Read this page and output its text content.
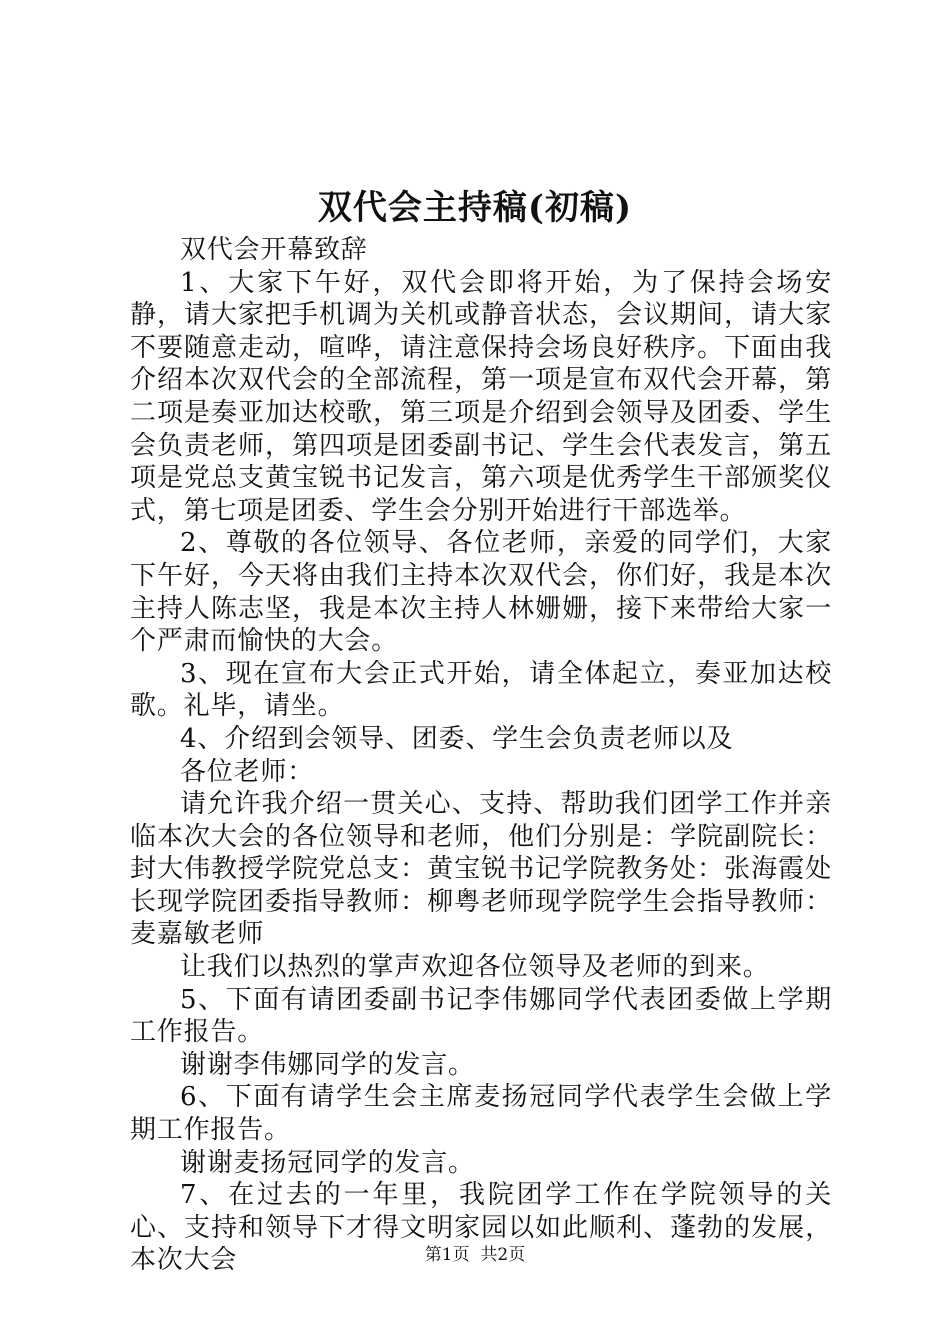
双代会主持稿(初稿)

双代会开幕致辞

1、大家下午好，双代会即将开始，为了保持会场安静，请大家把手机调为关机或静音状态，会议期间，请大家不要随意走动，喧哗，请注意保持会场良好秩序。下面由我介绍本次双代会的全部流程，第一项是宣布双代会开幕，第二项是奏亚加达校歌，第三项是介绍到会领导及团委、学生会负责老师，第四项是团委副书记、学生会代表发言，第五项是党总支黄宝锐书记发言，第六项是优秀学生干部颁奖仪式，第七项是团委、学生会分别开始进行干部选举。

2、尊敬的各位领导、各位老师，亲爱的同学们，大家下午好，今天将由我们主持本次双代会，你们好，我是本次主持人陈志坚，我是本次主持人林姗姗，接下来带给大家一个严肃而愉快的大会。

3、现在宣布大会正式开始，请全体起立，奏亚加达校歌。礼毕，请坐。

4、介绍到会领导、团委、学生会负责老师以及

各位老师：

请允许我介绍一贯关心、支持、帮助我们团学工作并亲临本次大会的各位领导和老师，他们分别是：学院副院长：封大伟教授学院党总支：黄宝锐书记学院教务处：张海霞处长现学院团委指导教师：柳粤老师现学院学生会指导教师：麦嘉敏老师

让我们以热烈的掌声欢迎各位领导及老师的到来。

5、下面有请团委副书记李伟娜同学代表团委做上学期工作报告。

谢谢李伟娜同学的发言。

6、下面有请学生会主席麦扬冠同学代表学生会做上学期工作报告。

谢谢麦扬冠同学的发言。

7、在过去的一年里，我院团学工作在学院领导的关心、支持和领导下才得文明家园以如此顺利、蓬勃的发展，本次大会	第1页 共2页
